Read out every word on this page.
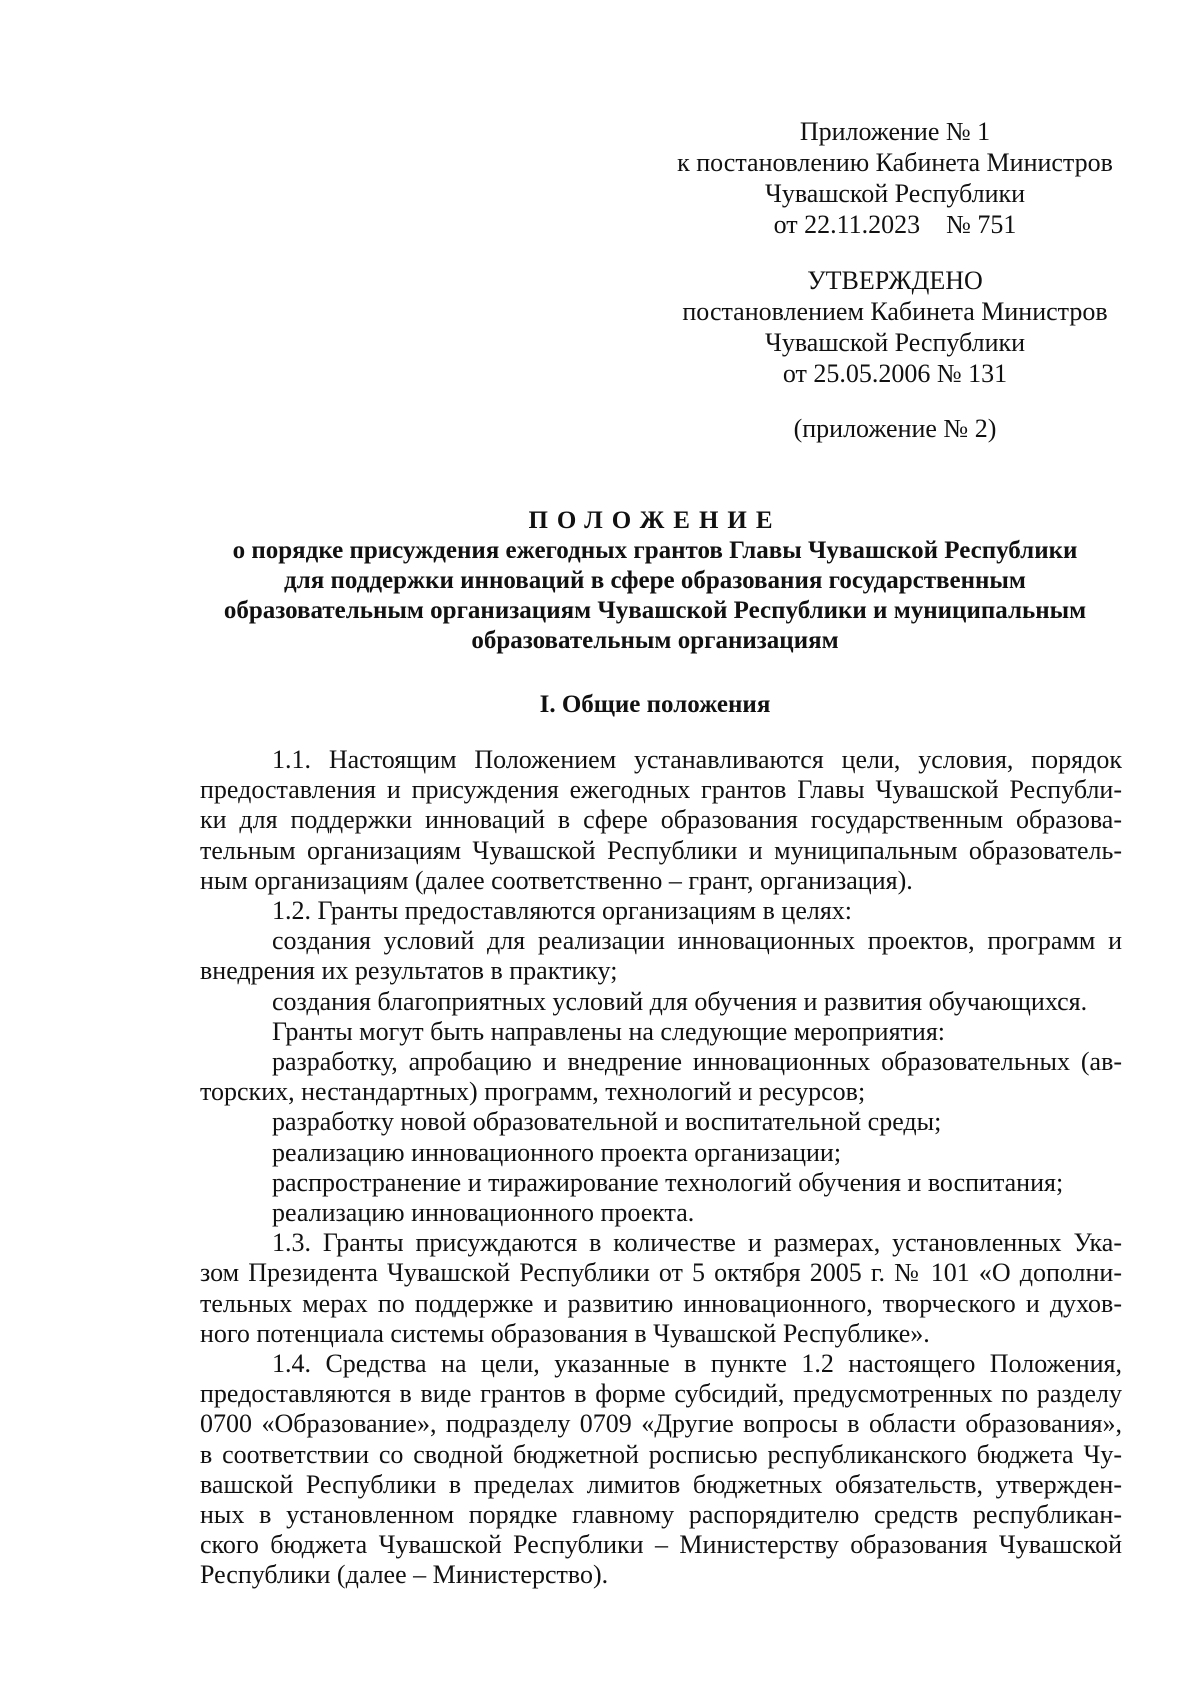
Приложение № 1
к постановлению Кабинета Министров
Чувашской Республики
от 22.11.2023    № 751
УТВЕРЖДЕНО
постановлением Кабинета Министров
Чувашской Республики
от 25.05.2006 № 131
(приложение № 2)
ПОЛОЖЕНИЕ
о порядке присуждения ежегодных грантов Главы Чувашской Республики
для поддержки инноваций в сфере образования государственным
образовательным организациям Чувашской Республики и муниципальным
образовательным организациям
I. Общие положения
1.1. Настоящим Положением устанавливаются цели, условия, порядок
предоставления и присуждения ежегодных грантов Главы Чувашской Республи-
ки для поддержки инноваций в сфере образования государственным образова-
тельным организациям Чувашской Республики и муниципальным образователь-
ным организациям (далее соответственно – грант, организация).
1.2. Гранты предоставляются организациям в целях:
создания условий для реализации инновационных проектов, программ и
внедрения их результатов в практику;
создания благоприятных условий для обучения и развития обучающихся.
Гранты могут быть направлены на следующие мероприятия:
разработку, апробацию и внедрение инновационных образовательных (ав-
торских, нестандартных) программ, технологий и ресурсов;
разработку новой образовательной и воспитательной среды;
реализацию инновационного проекта организации;
распространение и тиражирование технологий обучения и воспитания;
реализацию инновационного проекта.
1.3. Гранты присуждаются в количестве и размерах, установленных Ука-
зом Президента Чувашской Республики от 5 октября 2005 г. № 101 «О дополни-
тельных мерах по поддержке и развитию инновационного, творческого и духов-
ного потенциала системы образования в Чувашской Республике».
1.4. Средства на цели, указанные в пункте 1.2 настоящего Положения,
предоставляются в виде грантов в форме субсидий, предусмотренных по разделу
0700 «Образование», подразделу 0709 «Другие вопросы в области образования»,
в соответствии со сводной бюджетной росписью республиканского бюджета Чу-
вашской Республики в пределах лимитов бюджетных обязательств, утвержден-
ных в установленном порядке главному распорядителю средств республикан-
ского бюджета Чувашской Республики – Министерству образования Чувашской
Республики (далее – Министерство).
